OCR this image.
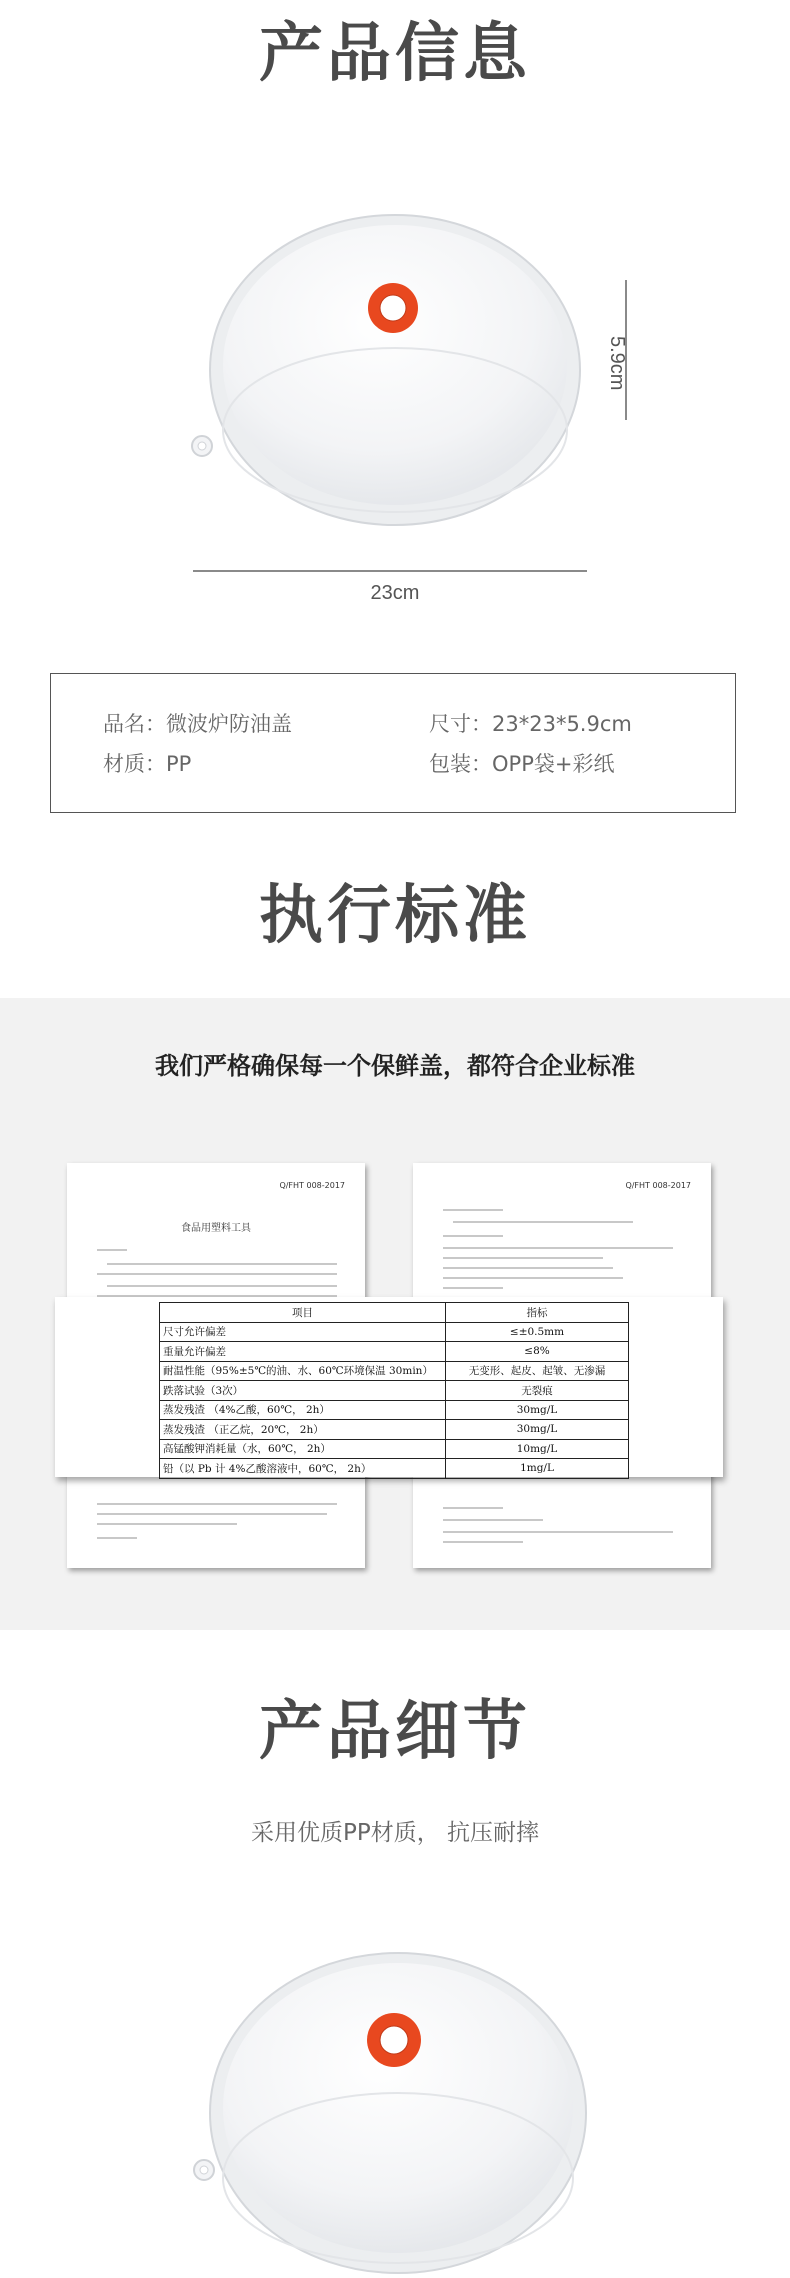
产品信息
5.9cm
23cm
品名：微波炉防油盖	尺寸：23*23*5.9cm
材质：PP	包装：OPP袋+彩纸
执行标准
我们严格确保每一个保鲜盖，都符合企业标准
Q/FHT 008-2017
食品用塑料工具
Q/FHT 008-2017
项目	指标
尺寸允许偏差	≤±0.5mm
重量允许偏差	≤8%
耐温性能（95%±5℃的油、水、60℃环境保温 30min）	无变形、起皮、起皱、无渗漏
跌落试验（3次）	无裂痕
蒸发残渣 （4%乙酸，60℃， 2h）	30mg/L
蒸发残渣 （正乙烷，20℃， 2h）	30mg/L
高锰酸钾消耗量（水，60℃， 2h）	10mg/L
铅（以 Pb 计 4%乙酸溶液中，60℃， 2h）	1mg/L
产品细节
采用优质PP材质， 抗压耐摔
